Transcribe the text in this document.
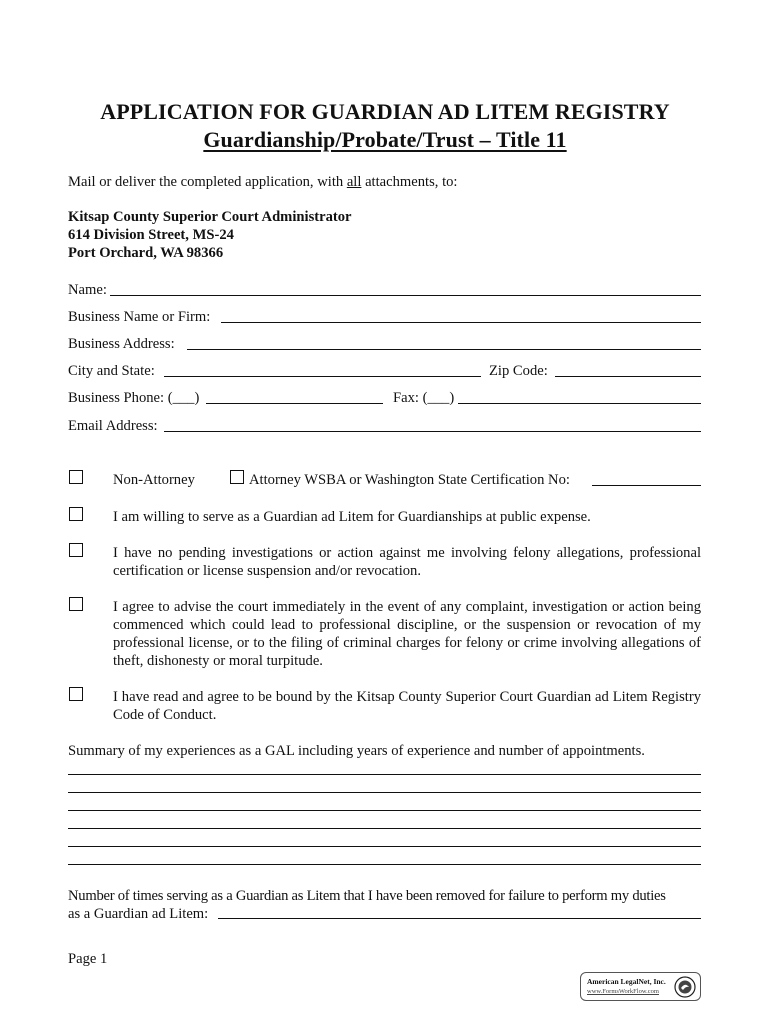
APPLICATION FOR GUARDIAN AD LITEM REGISTRY
Guardianship/Probate/Trust – Title 11
Mail or deliver the completed application, with all attachments, to:
Kitsap County Superior Court Administrator
614 Division Street, MS-24
Port Orchard, WA 98366
Name:
Business Name or Firm:
Business Address:
City and State:	Zip Code:
Business Phone: (___)	Fax: (___)
Email Address:
Non-Attorney	Attorney WSBA or Washington State Certification No:
I am willing to serve as a Guardian ad Litem for Guardianships at public expense.
I have no pending investigations or action against me involving felony allegations, professional certification or license suspension and/or revocation.
I agree to advise the court immediately in the event of any complaint, investigation or action being commenced which could lead to professional discipline, or the suspension or revocation of my professional license, or to the filing of criminal charges for felony or crime involving allegations of theft, dishonesty or moral turpitude.
I have read and agree to be bound by the Kitsap County Superior Court Guardian ad Litem Registry Code of Conduct.
Summary of my experiences as a GAL including years of experience and number of appointments.
Number of times serving as a Guardian as Litem that I have been removed for failure to perform my duties
as a Guardian ad Litem:
Page 1
American LegalNet, Inc.
www.FormsWorkFlow.com
